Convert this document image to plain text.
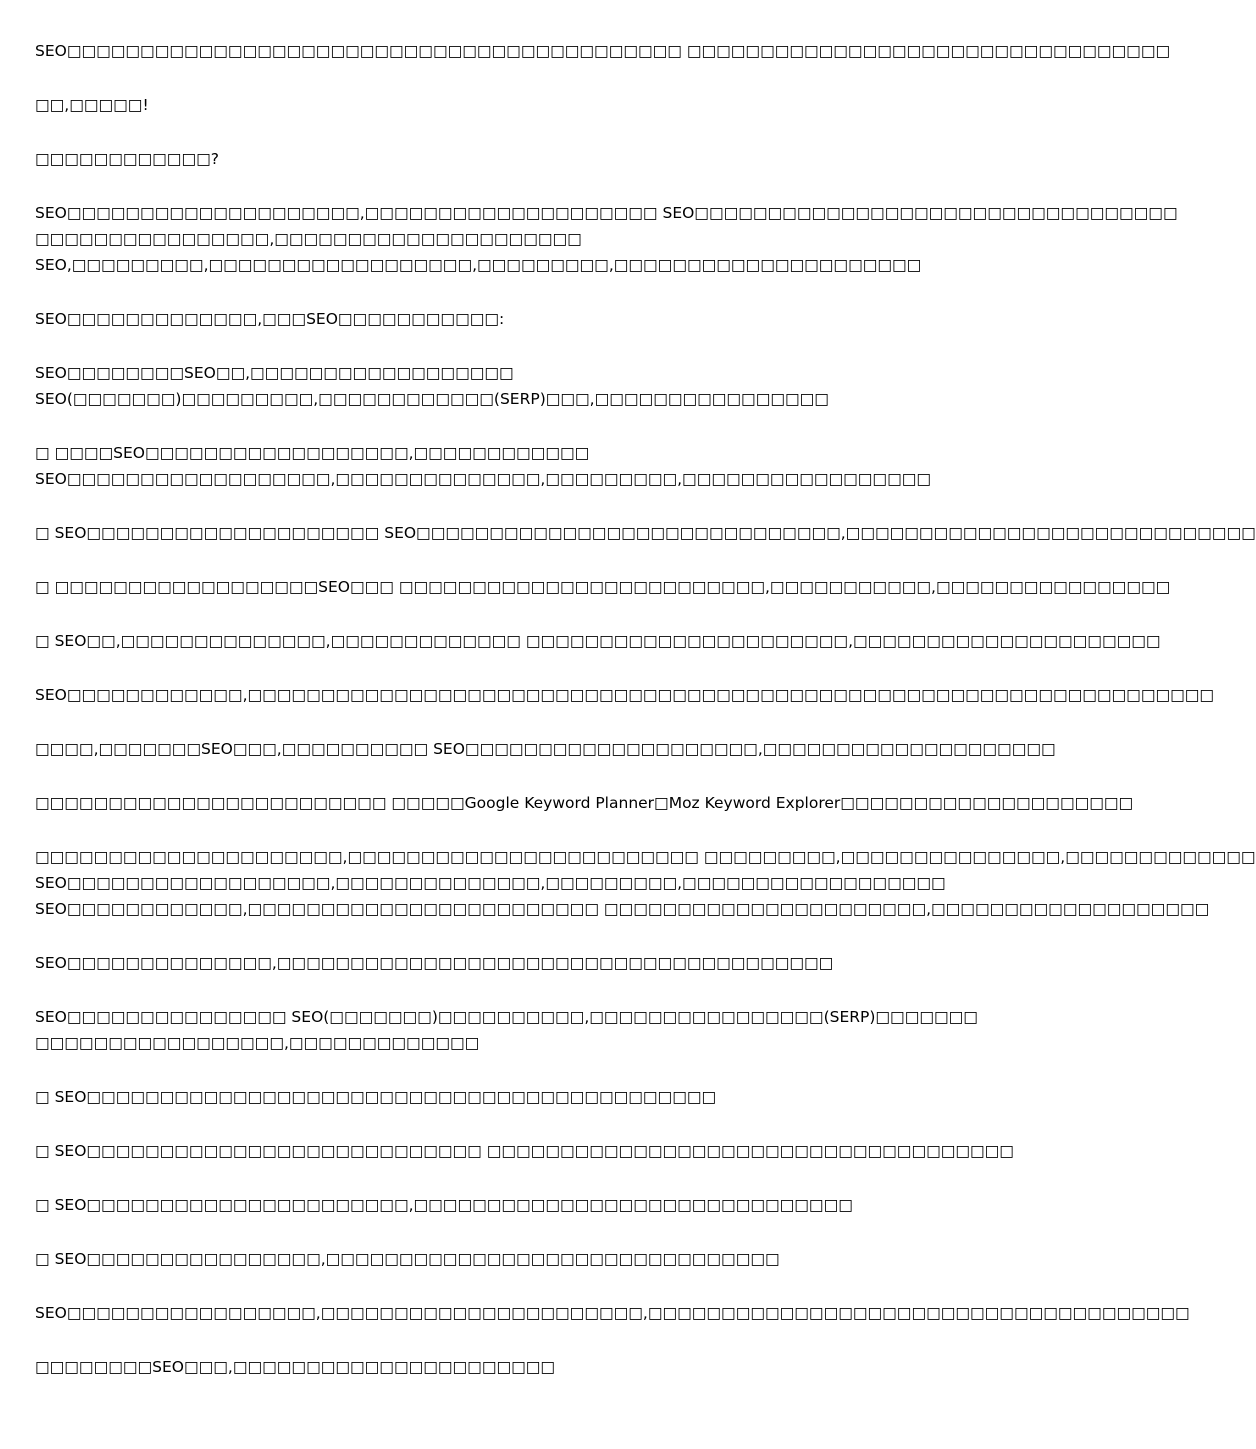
SEO□□□□□□□□□□□□□□□□□□□□□□□□□□□□□□□□□□□□□□□□□□ □□□□□□□□□□□□□□□□□□□□□□□□□□□□□□□□□

□□,□□□□□!

□□□□□□□□□□□□?

SEO□□□□□□□□□□□□□□□□□□□□,□□□□□□□□□□□□□□□□□□□□ SEO□□□□□□□□□□□□□□□□□□□□□□□□□□□□□□□□□
□□□□□□□□□□□□□□□□,□□□□□□□□□□□□□□□□□□□□□
SEO,□□□□□□□□□,□□□□□□□□□□□□□□□□□□,□□□□□□□□□,□□□□□□□□□□□□□□□□□□□□□

SEO□□□□□□□□□□□□□,□□□SEO□□□□□□□□□□□:

SEO□□□□□□□□SEO□□,□□□□□□□□□□□□□□□□□□
SEO(□□□□□□□)□□□□□□□□□,□□□□□□□□□□□□(SERP)□□□,□□□□□□□□□□□□□□□□

□ □□□□SEO□□□□□□□□□□□□□□□□□□,□□□□□□□□□□□□
SEO□□□□□□□□□□□□□□□□□□,□□□□□□□□□□□□□□,□□□□□□□□□,□□□□□□□□□□□□□□□□□

□ SEO□□□□□□□□□□□□□□□□□□□□ SEO□□□□□□□□□□□□□□□□□□□□□□□□□□□□□,□□□□□□□□□□□□□□□□□□□□□□□□□□□□

□ □□□□□□□□□□□□□□□□□□SEO□□□ □□□□□□□□□□□□□□□□□□□□□□□□□,□□□□□□□□□□□,□□□□□□□□□□□□□□□□

□ SEO□□,□□□□□□□□□□□□□□,□□□□□□□□□□□□□ □□□□□□□□□□□□□□□□□□□□□□,□□□□□□□□□□□□□□□□□□□□□

SEO□□□□□□□□□□□□,□□□□□□□□□□□□□□□□□□□□□□□□□□□□□□□□□□□□□□□□□□□□□□□□□□□□□□□□□□□□□□□□□□

□□□□,□□□□□□□SEO□□□,□□□□□□□□□□ SEO□□□□□□□□□□□□□□□□□□□□,□□□□□□□□□□□□□□□□□□□□

□□□□□□□□□□□□□□□□□□□□□□□□ □□□□□Google Keyword Planner□Moz Keyword Explorer□□□□□□□□□□□□□□□□□□□□

□□□□□□□□□□□□□□□□□□□□□,□□□□□□□□□□□□□□□□□□□□□□□□ □□□□□□□□□,□□□□□□□□□□□□□□□,□□□□□□□□□□□□□
SEO□□□□□□□□□□□□□□□□□□,□□□□□□□□□□□□□□,□□□□□□□□□,□□□□□□□□□□□□□□□□□□
SEO□□□□□□□□□□□□,□□□□□□□□□□□□□□□□□□□□□□□□ □□□□□□□□□□□□□□□□□□□□□□,□□□□□□□□□□□□□□□□□□□

SEO□□□□□□□□□□□□□□,□□□□□□□□□□□□□□□□□□□□□□□□□□□□□□□□□□□□□□

SEO□□□□□□□□□□□□□□□ SEO(□□□□□□□)□□□□□□□□□□,□□□□□□□□□□□□□□□□(SERP)□□□□□□□
□□□□□□□□□□□□□□□□□,□□□□□□□□□□□□□

□ SEO□□□□□□□□□□□□□□□□□□□□□□□□□□□□□□□□□□□□□□□□□□□

□ SEO□□□□□□□□□□□□□□□□□□□□□□□□□□□ □□□□□□□□□□□□□□□□□□□□□□□□□□□□□□□□□□□□

□ SEO□□□□□□□□□□□□□□□□□□□□□□,□□□□□□□□□□□□□□□□□□□□□□□□□□□□□□

□ SEO□□□□□□□□□□□□□□□□,□□□□□□□□□□□□□□□□□□□□□□□□□□□□□□□

SEO□□□□□□□□□□□□□□□□□,□□□□□□□□□□□□□□□□□□□□□□,□□□□□□□□□□□□□□□□□□□□□□□□□□□□□□□□□□□□□

□□□□□□□□SEO□□□,□□□□□□□□□□□□□□□□□□□□□□
